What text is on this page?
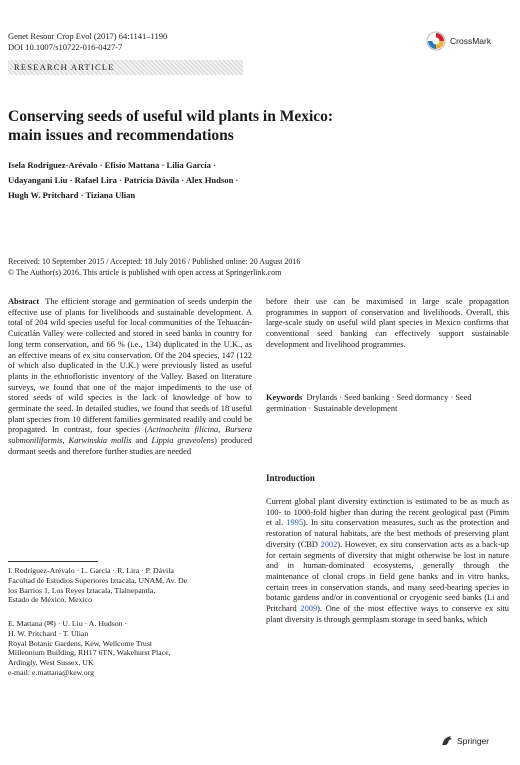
Genet Resour Crop Evol (2017) 64:1141–1190
DOI 10.1007/s10722-016-0427-7
CrossMark
RESEARCH ARTICLE
Conserving seeds of useful wild plants in Mexico:
main issues and recommendations
Isela Rodríguez-Arévalo · Efisio Mattana · Lilia García ·
Udayangani Liu · Rafael Lira · Patricia Dávila · Alex Hudson ·
Hugh W. Pritchard · Tiziana Ulian
Received: 10 September 2015 / Accepted: 18 July 2016 / Published online: 20 August 2016
© The Author(s) 2016. This article is published with open access at Springerlink.com
Abstract The efficient storage and germination of seeds underpin the effective use of plants for livelihoods and sustainable development. A total of 204 wild species useful for local communities of the Tehuacán-Cuicatlán Valley were collected and stored in seed banks in country for long term conservation, and 66 % (i.e., 134) duplicated in the U.K., as an effective means of ex situ conservation. Of the 204 species, 147 (122 of which also duplicated in the U.K.) were previously listed as useful plants in the ethnofloristic inventory of the Valley. Based on literature surveys, we found that one of the major impediments to the use of stored seeds of wild species is the lack of knowledge of how to germinate the seed. In detailed studies, we found that seeds of 18 useful plant species from 10 different families germinated readily and could be propagated. In contrast, four species (Actinocheita filicina, Bursera submoniliformis, Karwinskia mollis and Lippia graveolens) produced dormant seeds and therefore further studies are needed
before their use can be maximised in large scale propagation programmes in support of conservation and livelihoods. Overall, this large-scale study on useful wild plant species in Mexico confirms that conventional seed banking can effectively support sustainable development and livelihood programmes.
Keywords Drylands · Seed banking · Seed dormancy · Seed germination · Sustainable development
Introduction
Current global plant diversity extinction is estimated to be as much as 100- to 1000-fold higher than during the recent geological past (Pimm et al. 1995). In situ conservation measures, such as the protection and restoration of natural habitats, are the best methods of preserving plant diversity (CBD 2002). However, ex situ conservation acts as a back-up for certain segments of diversity that might otherwise be lost in nature and in human-dominated ecosystems, generally through the maintenance of clonal crops in field gene banks and in vitro banks, certain trees in conservation stands, and many seed-bearing species in botanic gardens and/or in conventional or cryogenic seed banks (Li and Pritchard 2009). One of the most effective ways to conserve ex situ plant diversity is through germplasm storage in seed banks, which
I. Rodríguez-Arévalo · L. García · R. Lira · P. Dávila
Facultad de Estudios Superiores Iztacala, UNAM, Av. De
los Barrios 1, Los Reyes Iztacala, Tlalnepantla,
Estado de México, Mexico
E. Mattana (✉) · U. Liu · A. Hudson ·
H. W. Pritchard · T. Ulian
Royal Botanic Gardens, Kew, Wellcome Trust
Millennium Building, RH17 6TN, Wakehurst Place,
Ardingly, West Sussex, UK
e-mail: e.mattana@kew.org
Springer
